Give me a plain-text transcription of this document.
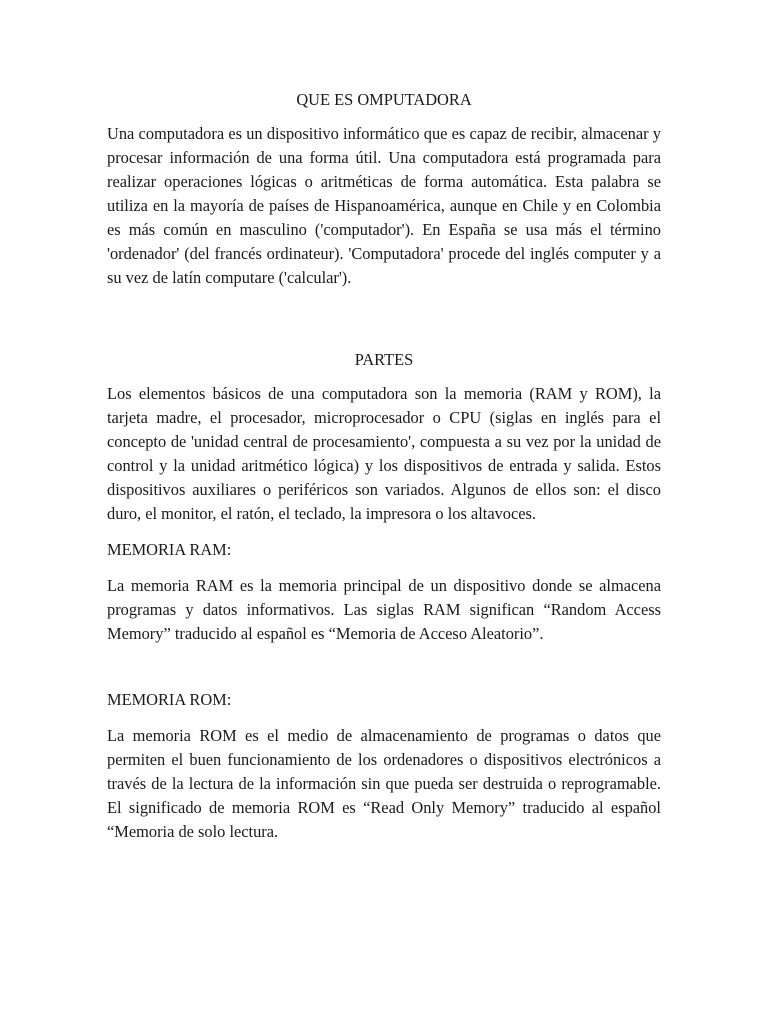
QUE ES OMPUTADORA

Una computadora es un dispositivo informático que es capaz de recibir, almacenar y procesar información de una forma útil. Una computadora está programada para realizar operaciones lógicas o aritméticas de forma automática. Esta palabra se utiliza en la mayoría de países de Hispanoamérica, aunque en Chile y en Colombia es más común en masculino ('computador'). En España se usa más el término 'ordenador' (del francés ordinateur). 'Computadora' procede del inglés computer y a su vez de latín computare ('calcular').

PARTES

Los elementos básicos de una computadora son la memoria (RAM y ROM), la tarjeta madre, el procesador, microprocesador o CPU (siglas en inglés para el concepto de 'unidad central de procesamiento', compuesta a su vez por la unidad de control y la unidad aritmético lógica) y los dispositivos de entrada y salida. Estos dispositivos auxiliares o periféricos son variados. Algunos de ellos son: el disco duro, el monitor, el ratón, el teclado, la impresora o los altavoces.

MEMORIA RAM:

La memoria RAM es la memoria principal de un dispositivo donde se almacena programas y datos informativos. Las siglas RAM significan “Random Access Memory” traducido al español es “Memoria de Acceso Aleatorio”.

MEMORIA ROM:

La memoria ROM es el medio de almacenamiento de programas o datos que permiten el buen funcionamiento de los ordenadores o dispositivos electrónicos a través de la lectura de la información sin que pueda ser destruida o reprogramable. El significado de memoria ROM es “Read Only Memory” traducido al español “Memoria de solo lectura.
